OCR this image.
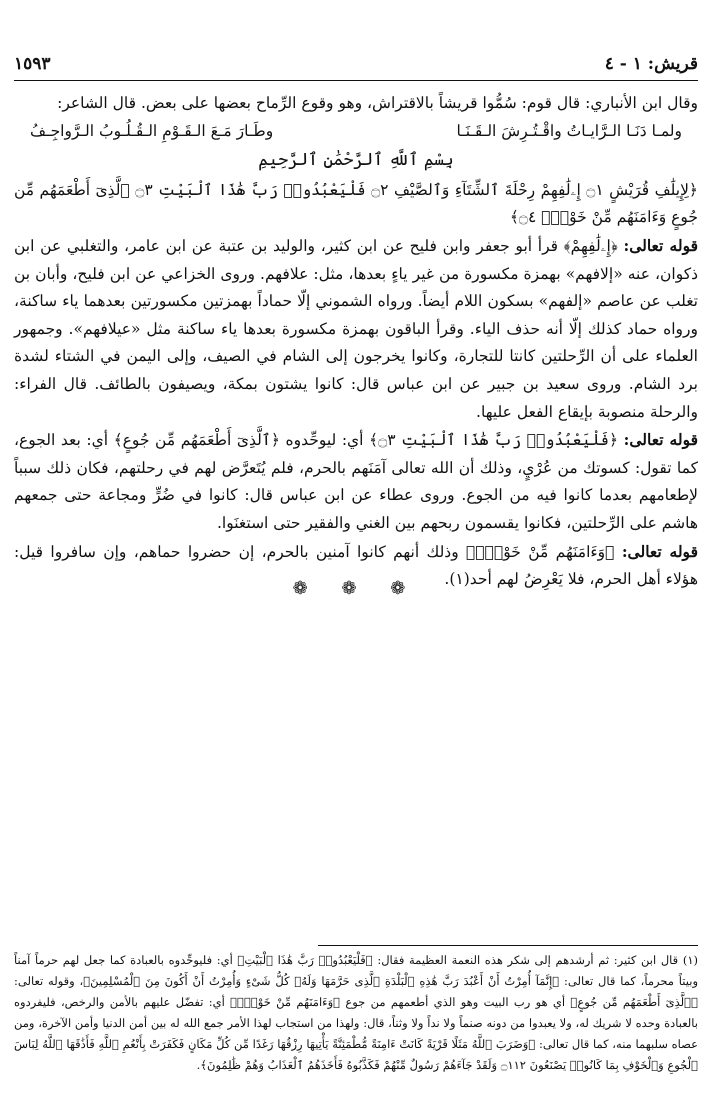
قريش: ١ - ٤
١٥٩٣

وقال ابن الأنباري: قال قوم: سُمُّوا قريشاً بالاقتراش، وهو وقوع الرِّماح بعضها على بعض. قال الشاعر:

ولمـا دَنَـا الـرَّايـاتُ واقْـتُـرِشَ الـقَـنَـا
وطَـارَ مَـعَ الـقَـوْمِ الـقُـلُـوبُ الـرَّواجِـفُ
بِسْمِ ٱللَّهِ ٱلرَّحْمَٰنِ ٱلرَّحِيمِ

﴿لِإِيلَٰفِ قُرَيْشٍ ۝١ إِۦلَٰفِهِمْ رِحْلَةَ ٱلشِّتَآءِ وَٱلصَّيْفِ ۝٢ فَلْيَعْبُدُوا۟ رَبَّ هَٰذَا ٱلْبَيْتِ ۝٣ ٱلَّذِىٓ أَطْعَمَهُم مِّن جُوعٍ وَءَامَنَهُم مِّنْ خَوْفٍۭ ۝٤﴾

قوله تعالى: ﴿إِۦلَٰفِهِمْ﴾ قرأ أبو جعفر وابن فليح عن ابن كثير، والوليد بن عتبة عن ابن عامر، والتغلبي عن ابن ذكوان، عنه «إلافهم» بهمزة مكسورة من غير ياءٍ بعدها، مثل: علافهم. وروى الخزاعي عن ابن فليح، وأبان بن تغلب عن عاصم «إلفهم» بسكون اللام أيضاً. ورواه الشموني إلّا حماداً بهمزتين مكسورتين بعدهما ياء ساكنة، ورواه حماد كذلك إلّا أنه حذف الياء. وقرأ الباقون بهمزة مكسورة بعدها ياء ساكنة مثل «عيلافهم». وجمهور العلماء على أن الرِّحلتين كانتا للتجارة، وكانوا يخرجون إلى الشام في الصيف، وإلى اليمن في الشتاء لشدة برد الشام. وروى سعيد بن جبير عن ابن عباس قال: كانوا يشتون بمكة، ويصيفون بالطائف. قال الفراء: والرحلة منصوبة بإيقاع الفعل عليها.

قوله تعالى: ﴿فَلْيَعْبُدُوا۟ رَبَّ هَٰذَا ٱلْبَيْتِ ۝٣﴾ أي: ليوحِّدوه ﴿ٱلَّذِىٓ أَطْعَمَهُم مِّن جُوعٍ﴾ أي: بعد الجوع، كما تقول: كسوتك من عُرْيٍ، وذلك أن الله تعالى آمَنَهم بالحرم، فلم يُتَعرَّض لهم في رحلتهم، فكان ذلك سبباً لإطعامهم بعدما كانوا فيه من الجوع. وروى عطاء عن ابن عباس قال: كانوا في ضُرٍّ ومجاعة حتى جمعهم هاشم على الرِّحلتين، فكانوا يقسمون ربحهم بين الغني والفقير حتى استغنَوا.

قوله تعالى: ﴿وَءَامَنَهُم مِّنْ خَوْفٍۭ﴾ وذلك أنهم كانوا آمنين بالحرم، إن حضروا حماهم، وإن سافروا قيل: هؤلاء أهل الحرم، فلا يَعْرِضُ لهم أحد(١).

❁ ❁ ❁
(١) قال ابن كثير: ثم أرشدهم إلى شكر هذه النعمة العظيمة فقال: ﴿فَلْيَعْبُدُوا۟ رَبَّ هَٰذَا ٱلْبَيْتِ﴾ أي: فليوحِّدوه بالعبادة كما جعل لهم حرماً آمناً وبيتاً محرماً، كما قال تعالى: ﴿إِنَّمَآ أُمِرْتُ أَنْ أَعْبُدَ رَبَّ هَٰذِهِ ٱلْبَلْدَةِ ٱلَّذِى حَرَّمَهَا وَلَهُۥ كُلُّ شَىْءٍ وَأُمِرْتُ أَنْ أَكُونَ مِنَ ٱلْمُسْلِمِينَ﴾، وقوله تعالى: ﴿ٱلَّذِىٓ أَطْعَمَهُم مِّن جُوعٍ﴾ أي هو رب البيت وهو الذي أطعمهم من جوع ﴿وَءَامَنَهُم مِّنْ خَوْفٍۭ﴾ أي: تفضّل عليهم بالأمن والرخص، فليفردوه بالعبادة وحده لا شريك له، ولا يعبدوا من دونه صنماً ولا نداً ولا وثناً، قال: ولهذا من استجاب لهذا الأمر جمع الله له بين أمن الدنيا وأمن الآخرة، ومن عصاه سلبهما منه، كما قال تعالى: ﴿وَضَرَبَ ٱللَّهُ مَثَلًا قَرْيَةً كَانَتْ ءَامِنَةً مُّطْمَئِنَّةً يَأْتِيهَا رِزْقُهَا رَغَدًا مِّن كُلِّ مَكَانٍ فَكَفَرَتْ بِأَنْعُمِ ٱللَّهِ فَأَذَٰقَهَا ٱللَّهُ لِبَاسَ ٱلْجُوعِ وَٱلْخَوْفِ بِمَا كَانُوا۟ يَصْنَعُونَ ۝١١٢ وَلَقَدْ جَآءَهُمْ رَسُولٌ مِّنْهُمْ فَكَذَّبُوهُ فَأَخَذَهُمُ ٱلْعَذَابُ وَهُمْ ظَٰلِمُونَ﴾.
